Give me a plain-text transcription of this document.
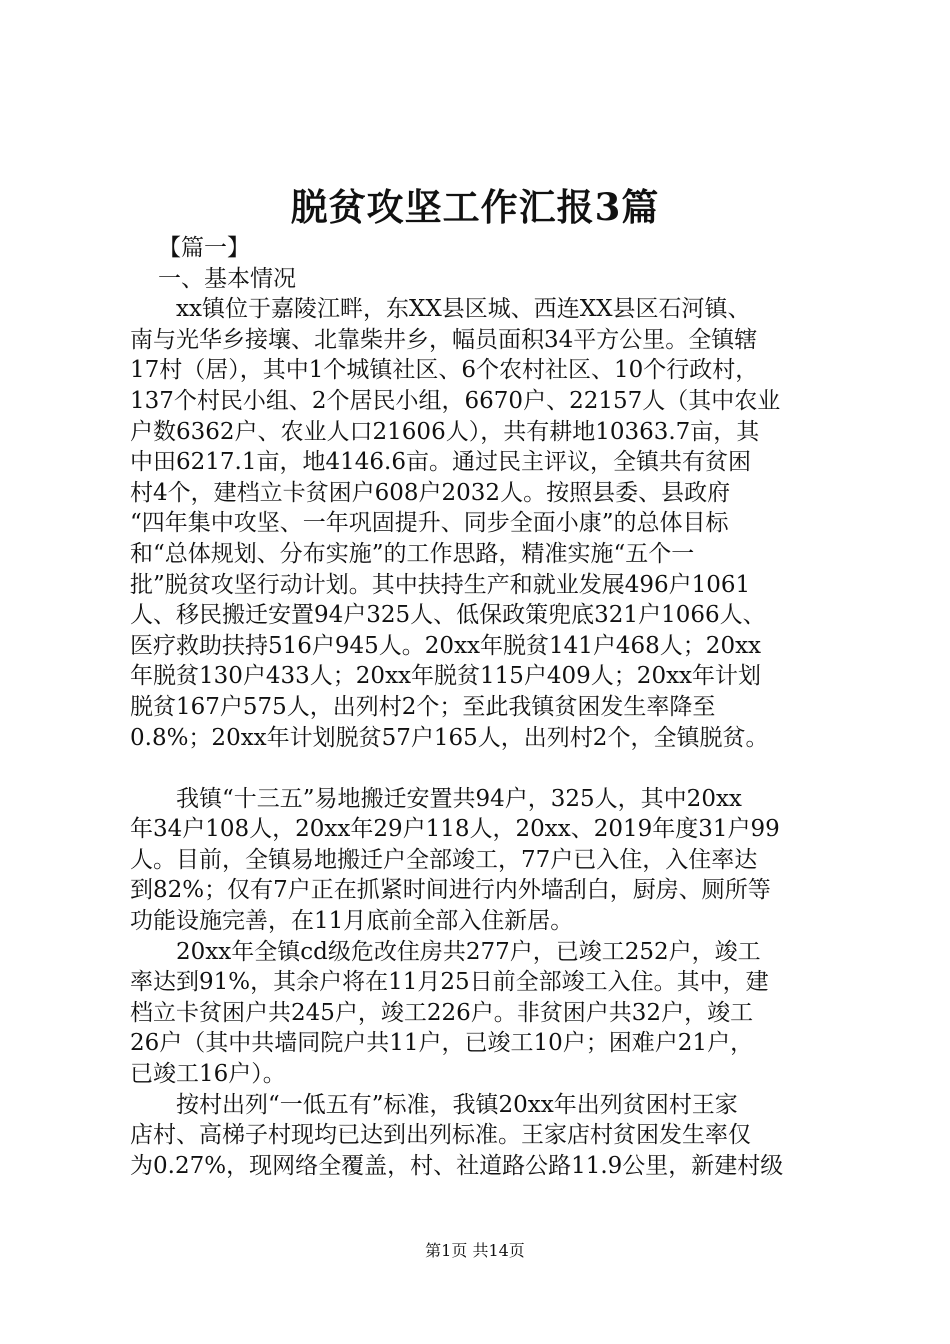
脱贫攻坚工作汇报3篇
【篇一】
一、基本情况
xx镇位于嘉陵江畔，东XX县区城、西连XX县区石河镇、
南与光华乡接壤、北靠柴井乡，幅员面积34平方公里。全镇辖
17村（居），其中1个城镇社区、6个农村社区、10个行政村，
137个村民小组、2个居民小组，6670户、22157人（其中农业
户数6362户、农业人口21606人），共有耕地10363.7亩，其
中田6217.1亩，地4146.6亩。通过民主评议，全镇共有贫困
村4个，建档立卡贫困户608户2032人。按照县委、县政府
“四年集中攻坚、一年巩固提升、同步全面小康”的总体目标
和“总体规划、分布实施”的工作思路，精准实施“五个一
批”脱贫攻坚行动计划。其中扶持生产和就业发展496户1061
人、移民搬迁安置94户325人、低保政策兜底321户1066人、
医疗救助扶持516户945人。20xx年脱贫141户468人；20xx
年脱贫130户433人；20xx年脱贫115户409人；20xx年计划
脱贫167户575人，出列村2个；至此我镇贫困发生率降至
0.8%；20xx年计划脱贫57户165人，出列村2个，全镇脱贫。
我镇“十三五”易地搬迁安置共94户，325人，其中20xx
年34户108人，20xx年29户118人，20xx、2019年度31户99
人。目前，全镇易地搬迁户全部竣工，77户已入住，入住率达
到82%；仅有7户正在抓紧时间进行内外墙刮白，厨房、厕所等
功能设施完善，在11月底前全部入住新居。
20xx年全镇cd级危改住房共277户，已竣工252户，竣工
率达到91%，其余户将在11月25日前全部竣工入住。其中，建
档立卡贫困户共245户，竣工226户。非贫困户共32户，竣工
26户（其中共墙同院户共11户，已竣工10户；困难户21户，
已竣工16户）。
按村出列“一低五有”标准，我镇20xx年出列贫困村王家
店村、高梯子村现均已达到出列标准。王家店村贫困发生率仅
为0.27%，现网络全覆盖，村、社道路公路11.9公里，新建村级
第1页 共14页
